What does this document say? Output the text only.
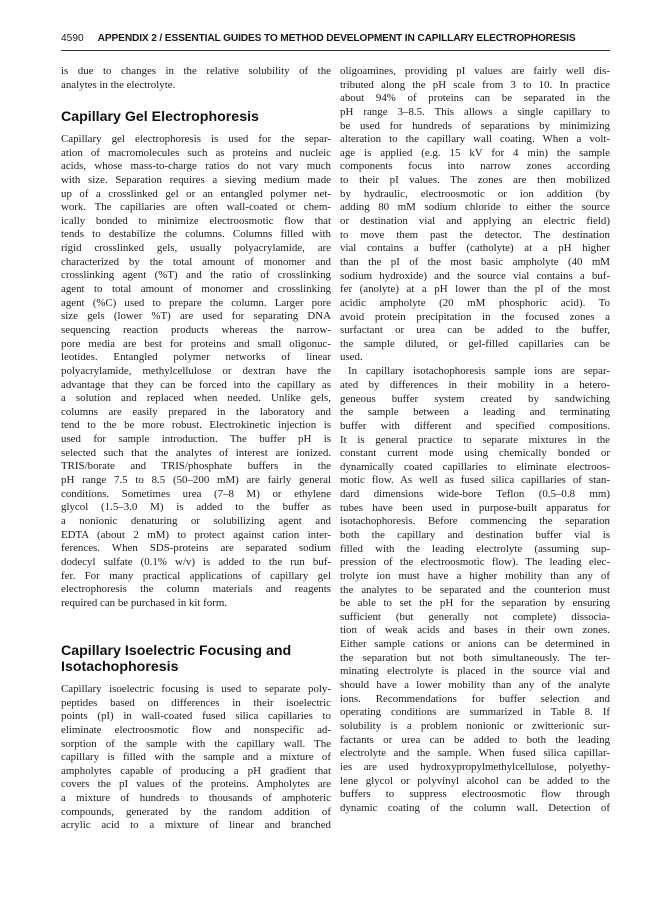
4590 APPENDIX 2 / ESSENTIAL GUIDES TO METHOD DEVELOPMENT IN CAPILLARY ELECTROPHORESIS
is due to changes in the relative solubility of the
analytes in the electrolyte.
Capillary Gel Electrophoresis
Capillary gel electrophoresis is used for the separ-
ation of macromolecules such as proteins and nucleic
acids, whose mass-to-charge ratios do not vary much
with size. Separation requires a sieving medium made
up of a crosslinked gel or an entangled polymer net-
work. The capillaries are often wall-coated or chem-
ically bonded to minimize electroosmotic flow that
tends to destabilize the columns. Columns filled with
rigid crosslinked gels, usually polyacrylamide, are
characterized by the total amount of monomer and
crosslinking agent (%T) and the ratio of crosslinking
agent to total amount of monomer and crosslinking
agent (%C) used to prepare the column. Larger pore
size gels (lower %T) are used for separating DNA
sequencing reaction products whereas the narrow-
pore media are best for proteins and small oligonuc-
leotides. Entangled polymer networks of linear
polyacrylamide, methylcellulose or dextran have the
advantage that they can be forced into the capillary as
a solution and replaced when needed. Unlike gels,
columns are easily prepared in the laboratory and
tend to the be more robust. Electrokinetic injection is
used for sample introduction. The buffer pH is
selected such that the analytes of interest are ionized.
TRIS/borate and TRIS/phosphate buffers in the
pH range 7.5 to 8.5 (50–200 mM) are fairly general
conditions. Sometimes urea (7–8 M) or ethylene
glycol (1.5–3.0 M) is added to the buffer as
a nonionic denaturing or solubilizing agent and
EDTA (about 2 mM) to protect against cation inter-
ferences. When SDS-proteins are separated sodium
dodecyl sulfate (0.1% w/v) is added to the run buf-
fer. For many practical applications of capillary gel
electrophoresis the column materials and reagents
required can be purchased in kit form.
Capillary Isoelectric Focusing and
Isotachophoresis
Capillary isoelectric focusing is used to separate poly-
peptides based on differences in their isoelectric
points (pI) in wall-coated fused silica capillaries to
eliminate electroosmotic flow and nonspecific ad-
sorption of the sample with the capillary wall. The
capillary is filled with the sample and a mixture of
ampholytes capable of producing a pH gradient that
covers the pI values of the proteins. Ampholytes are
a mixture of hundreds to thousands of amphoteric
compounds, generated by the random addition of
acrylic acid to a mixture of linear and branched
oligoamines, providing pI values are fairly well dis-
tributed along the pH scale from 3 to 10. In practice
about 94% of proteins can be separated in the
pH range 3–8.5. This allows a single capillary to
be used for hundreds of separations by minimizing
alteration to the capillary wall coating. When a volt-
age is applied (e.g. 15 kV for 4 min) the sample
components focus into narrow zones according
to their pI values. The zones are then mobilized
by hydraulic, electroosmotic or ion addition (by
adding 80 mM sodium chloride to either the source
or destination vial and applying an electric field)
to move them past the detector. The destination
vial contains a buffer (catholyte) at a pH higher
than the pI of the most basic ampholyte (40 mM
sodium hydroxide) and the source vial contains a buf-
fer (anolyte) at a pH lower than the pI of the most
acidic ampholyte (20 mM phosphoric acid). To
avoid protein precipitation in the focused zones a
surfactant or urea can be added to the buffer,
the sample diluted, or gel-filled capillaries can be
used.
In capillary isotachophoresis sample ions are separ-
ated by differences in their mobility in a hetero-
geneous buffer system created by sandwiching
the sample between a leading and terminating
buffer with different and specified compositions.
It is general practice to separate mixtures in the
constant current mode using chemically bonded or
dynamically coated capillaries to eliminate electroos-
motic flow. As well as fused silica capillaries of stan-
dard dimensions wide-bore Teflon (0.5–0.8 mm)
tubes have been used in purpose-built apparatus for
isotachophoresis. Before commencing the separation
both the capillary and destination buffer vial is
filled with the leading electrolyte (assuming sup-
pression of the electroosmotic flow). The leading elec-
trolyte ion must have a higher mobility than any of
the analytes to be separated and the counterion must
be able to set the pH for the separation by ensuring
sufficient (but generally not complete) dissocia-
tion of weak acids and bases in their own zones.
Either sample cations or anions can be determined in
the separation but not both simultaneously. The ter-
minating electrolyte is placed in the source vial and
should have a lower mobility than any of the analyte
ions. Recommendations for buffer selection and
operating conditions are summarized in Table 8. If
solubility is a problem nonionic or zwitterionic sur-
factants or urea can be added to both the leading
electrolyte and the sample. When fused silica capillar-
ies are used hydroxypropylmethylcellulose, polyethy-
lene glycol or polyvinyl alcohol can be added to the
buffers to suppress electroosmotic flow through
dynamic coating of the column wall. Detection of
